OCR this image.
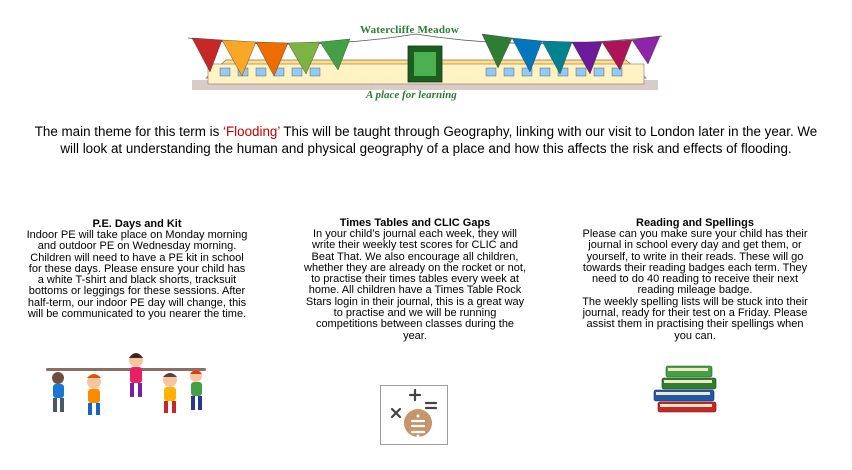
Watercliffe Meadow
A place for learning
The main theme for this term is ‘Flooding’ This will be taught through Geography, linking with our visit to London later in the year. We will look at understanding the human and physical geography of a place and how this affects the risk and effects of flooding.
P.E. Days and Kit

Indoor PE will take place on Monday morning and outdoor PE on Wednesday morning. Children will need to have a PE kit in school for these days. Please ensure your child has a white T-shirt and black shorts, tracksuit bottoms or leggings for these sessions. After half-term, our indoor PE day will change, this will be communicated to you nearer the time.

Times Tables and CLIC Gaps

In your child’s journal each week, they will write their weekly test scores for CLIC and Beat That. We also encourage all children, whether they are already on the rocket or not, to practise their times tables every week at home. All children have a Times Table Rock Stars login in their journal, this is a great way to practise and we will be running competitions between classes during the year.

Reading and Spellings

Please can you make sure your child has their journal in school every day and get them, or yourself, to write in their reads. These will go towards their reading badges each term. They need to do 40 reading to receive their next reading mileage badge.

The weekly spelling lists will be stuck into their journal, ready for their test on a Friday. Please assist them in practising their spellings when you can.
